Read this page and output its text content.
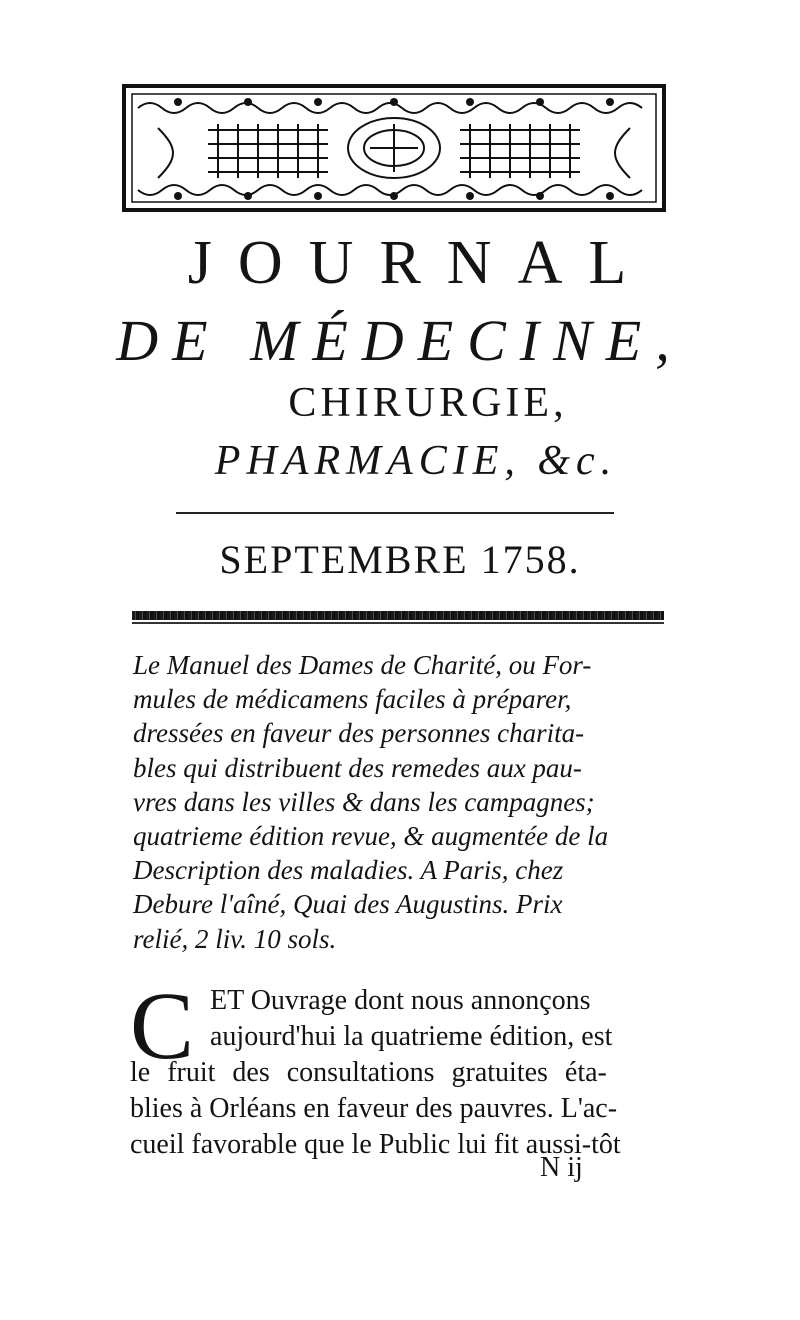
JOURNAL
DE MÉDECINE,
CHIRURGIE,
PHARMACIE, &c.
SEPTEMBRE 1758.

Le Manuel des Dames de Charité, ou For-
mules de médicamens faciles à préparer,
dressées en faveur des personnes charita-
bles qui distribuent des remedes aux pau-
vres dans les villes & dans les campagnes;
quatrieme édition revue, & augmentée de la
Description des maladies. A Paris, chez
Debure l'aîné, Quai des Augustins. Prix
relié, 2 liv. 10 sols.

C ET Ouvrage dont nous annonçons
aujourd'hui la quatrieme édition, est
le fruit des consultations gratuites éta-
blies à Orléans en faveur des pauvres. L'ac-
cueil favorable que le Public lui fit aussi-tôt
N ij
